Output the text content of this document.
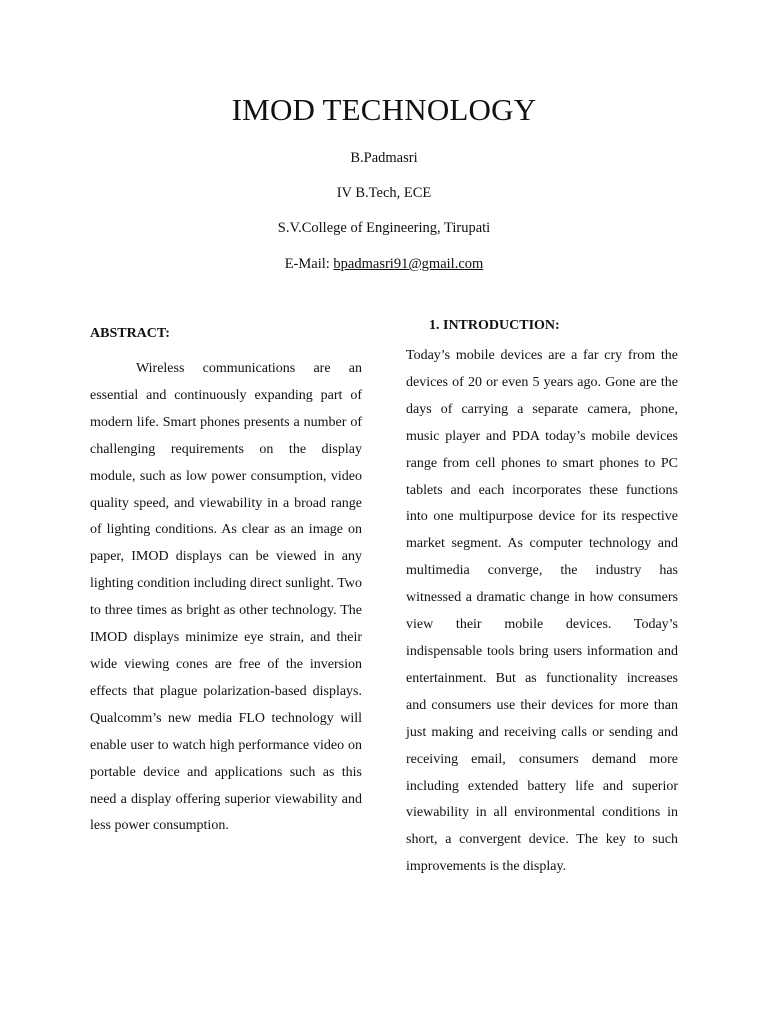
IMOD TECHNOLOGY

B.Padmasri

IV B.Tech, ECE

S.V.College of Engineering, Tirupati

E-Mail: bpadmasri91@gmail.com

ABSTRACT:

Wireless communications are an essential and continuously expanding part of modern life. Smart phones presents a number of challenging requirements on the display module, such as low power consumption, video quality speed, and viewability in a broad range of lighting conditions. As clear as an image on paper, IMOD displays can be viewed in any lighting condition including direct sunlight. Two to three times as bright as other technology. The IMOD displays minimize eye strain, and their wide viewing cones are free of the inversion effects that plague polarization-based displays. Qualcomm’s new media FLO technology will enable user to watch high performance video on portable device and applications such as this need a display offering superior viewability and less power consumption.

1. INTRODUCTION:

Today’s mobile devices are a far cry from the devices of 20 or even 5 years ago. Gone are the days of carrying a separate camera, phone, music player and PDA today’s mobile devices range from cell phones to smart phones to PC tablets and each incorporates these functions into one multipurpose device for its respective market segment. As computer technology and multimedia converge, the industry has witnessed a dramatic change in how consumers view their mobile devices. Today’s indispensable tools bring users information and entertainment. But as functionality increases and consumers use their devices for more than just making and receiving calls or sending and receiving email, consumers demand more including extended battery life and superior viewability in all environmental conditions in short, a convergent device. The key to such improvements is the display.
